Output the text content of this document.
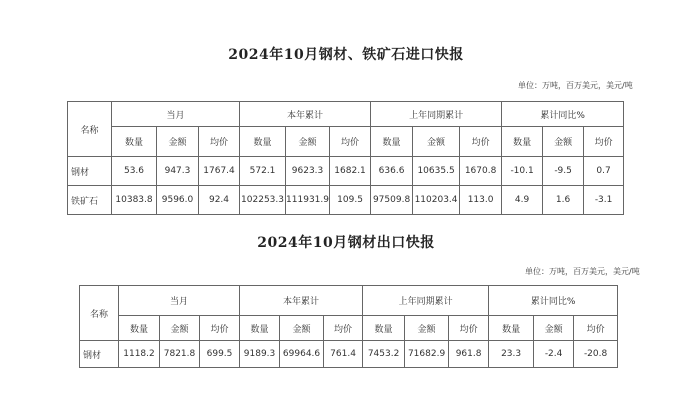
2024年10月钢材、铁矿石进口快报
单位：万吨，百万美元，美元/吨
名称	当月			本年累计			上年同期累计			累计同比%		
	数量	金额	均价	数量	金额	均价	数量	金额	均价	数量	金额	均价
钢材	53.6	947.3	1767.4	572.1	9623.3	1682.1	636.6	10635.5	1670.8	-10.1	-9.5	0.7
铁矿石	10383.8	9596.0	92.4	102253.3	111931.9	109.5	97509.8	110203.4	113.0	4.9	1.6	-3.1
2024年10月钢材出口快报
单位：万吨，百万美元，美元/吨
名称	当月			本年累计			上年同期累计			累计同比%		
	数量	金额	均价	数量	金额	均价	数量	金额	均价	数量	金额	均价
钢材	1118.2	7821.8	699.5	9189.3	69964.6	761.4	7453.2	71682.9	961.8	23.3	-2.4	-20.8
